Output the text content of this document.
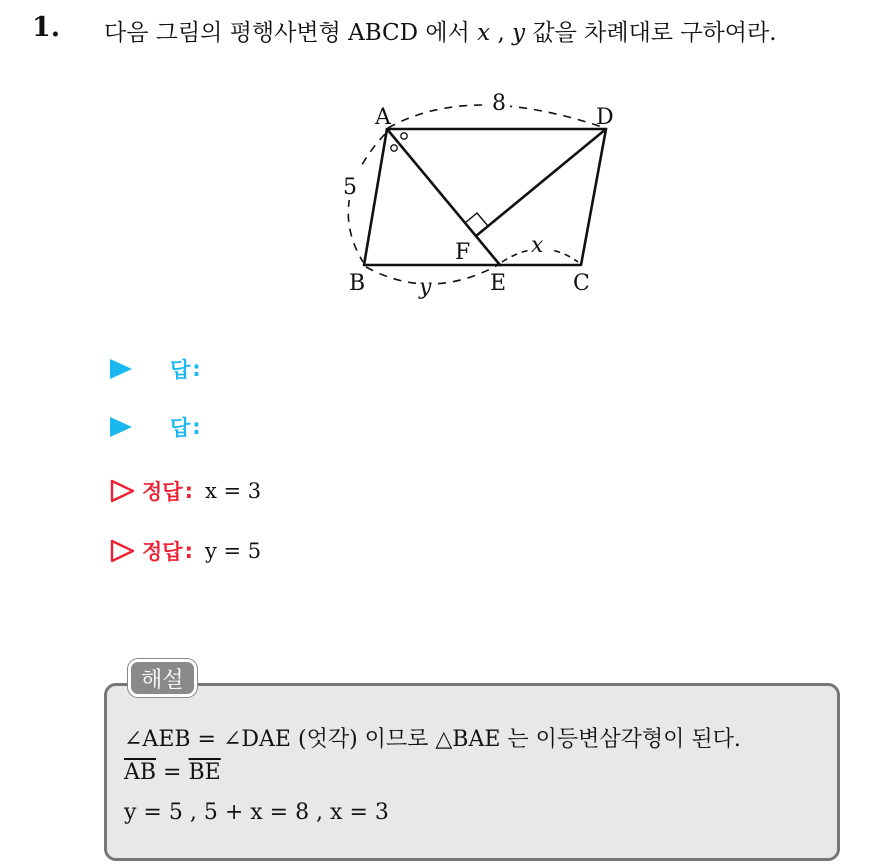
1. 다음 그림의 평행사변형 ABCD 에서 x , y 값을 차례대로 구하여라.
A	D
B	E	C
F
8
5
y
x
답 :
답 :
정답 : x = 3
정답 : y = 5
해설
∠AEB = ∠DAE (엇각) 이므로 △BAE 는 이등변삼각형이 된다.
$\overline{AB} = \overline{BE}$
y = 5 , 5 + x = 8 , x = 3
